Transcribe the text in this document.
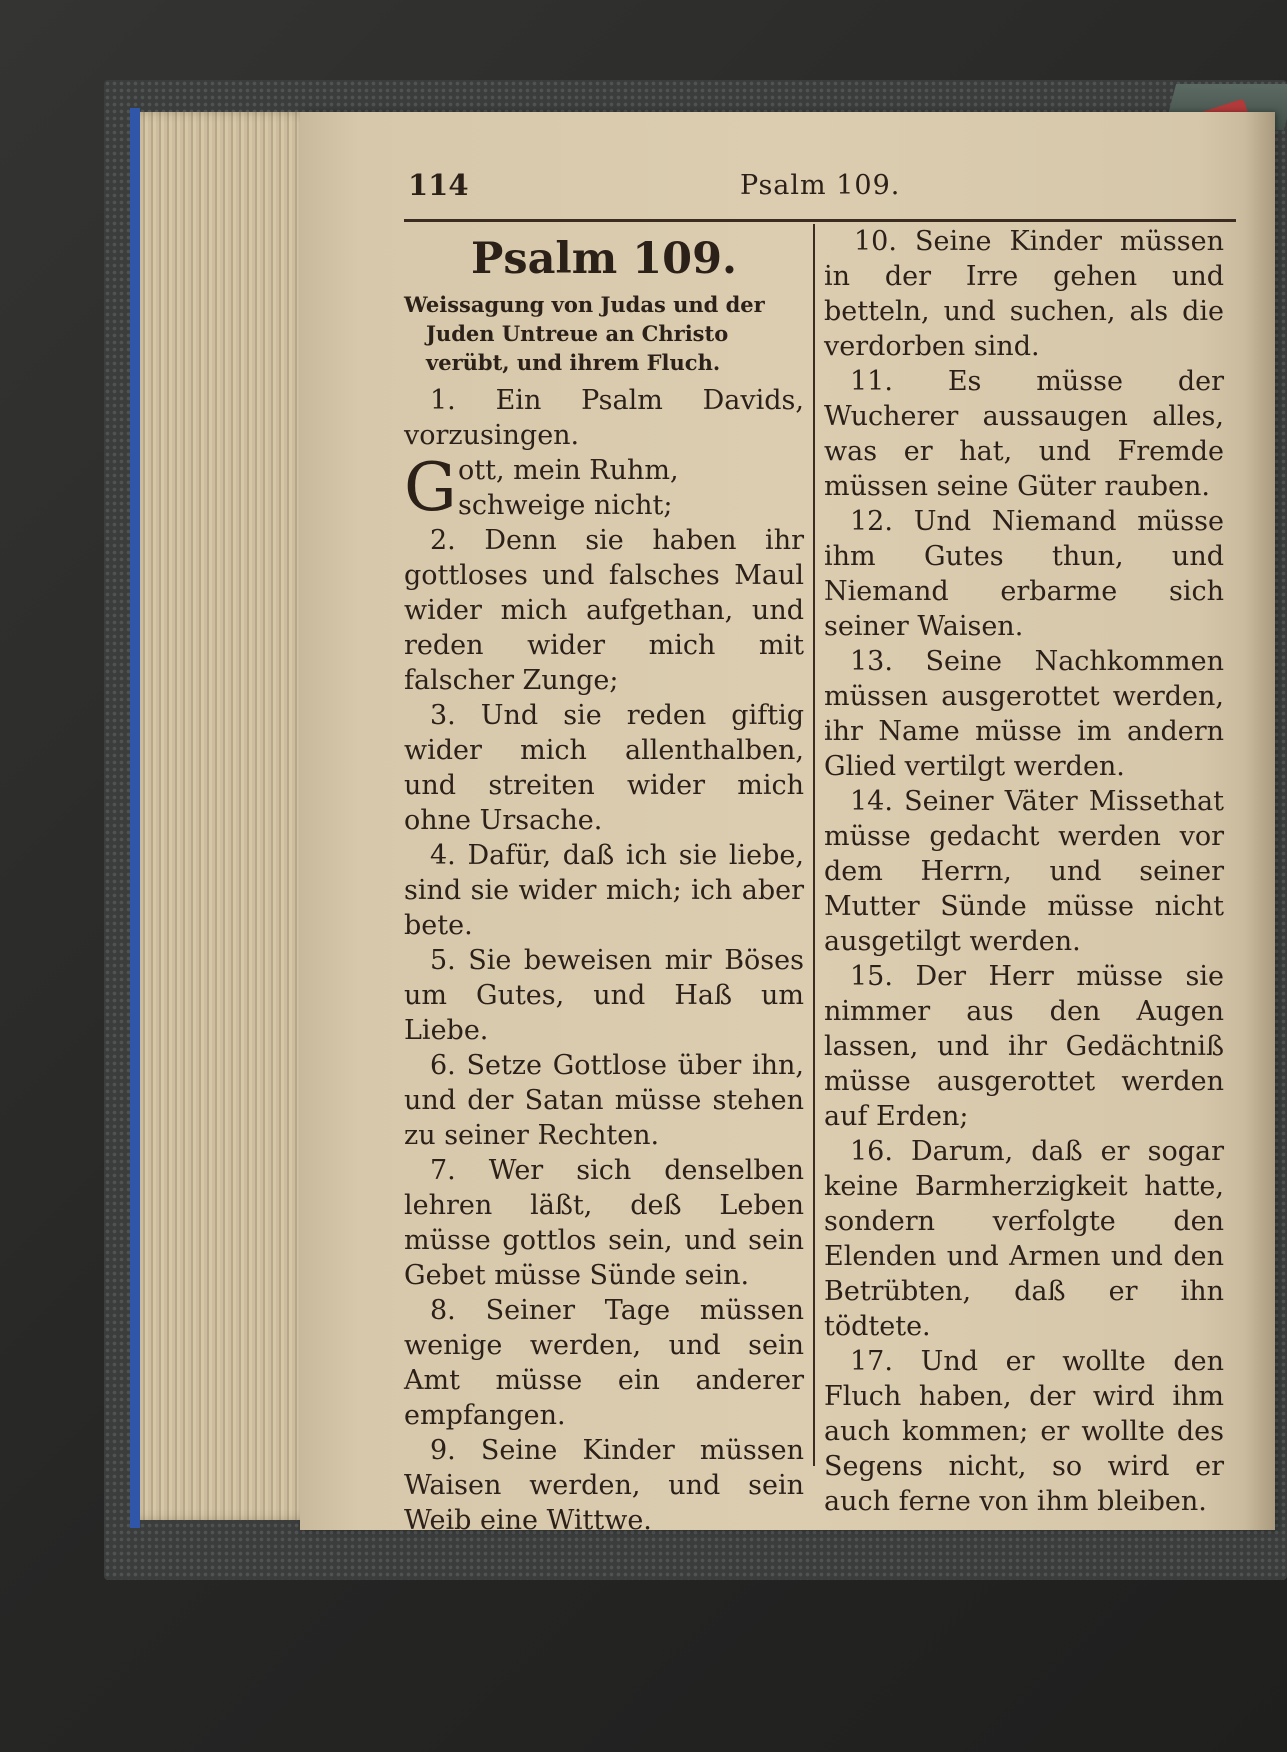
114	Psalm 109.
Psalm 109.

Weissagung von Judas und der Juden Untreue an Christo verübt, und ihrem Fluch.

1. Ein Psalm Davids, vorzusingen.

G ott, mein Ruhm, schweige nicht;

2. Denn sie haben ihr gottloses und falsches Maul wider mich aufgethan, und reden wider mich mit falscher Zunge;

3. Und sie reden giftig wider mich allenthalben, und streiten wider mich ohne Ursache.

4. Dafür, daß ich sie liebe, sind sie wider mich; ich aber bete.

5. Sie beweisen mir Böses um Gutes, und Haß um Liebe.

6. Setze Gottlose über ihn, und der Satan müsse stehen zu seiner Rechten.

7. Wer sich denselben lehren läßt, deß Leben müsse gottlos sein, und sein Gebet müsse Sünde sein.

8. Seiner Tage müssen wenige werden, und sein Amt müsse ein anderer empfangen.

9. Seine Kinder müssen Waisen werden, und sein Weib eine Wittwe.

10. Seine Kinder müssen in der Irre gehen und betteln, und suchen, als die verdorben sind.

11. Es müsse der Wucherer aussaugen alles, was er hat, und Fremde müssen seine Güter rauben.

12. Und Niemand müsse ihm Gutes thun, und Niemand erbarme sich seiner Waisen.

13. Seine Nachkommen müssen ausgerottet werden, ihr Name müsse im andern Glied vertilgt werden.

14. Seiner Väter Missethat müsse gedacht werden vor dem Herrn, und seiner Mutter Sünde müsse nicht ausgetilgt werden.

15. Der Herr müsse sie nimmer aus den Augen lassen, und ihr Gedächtniß müsse ausgerottet werden auf Erden;

16. Darum, daß er sogar keine Barmherzigkeit hatte, sondern verfolgte den Elenden und Armen und den Betrübten, daß er ihn tödtete.

17. Und er wollte den Fluch haben, der wird ihm auch kommen; er wollte des Segens nicht, so wird er auch ferne von ihm bleiben.
